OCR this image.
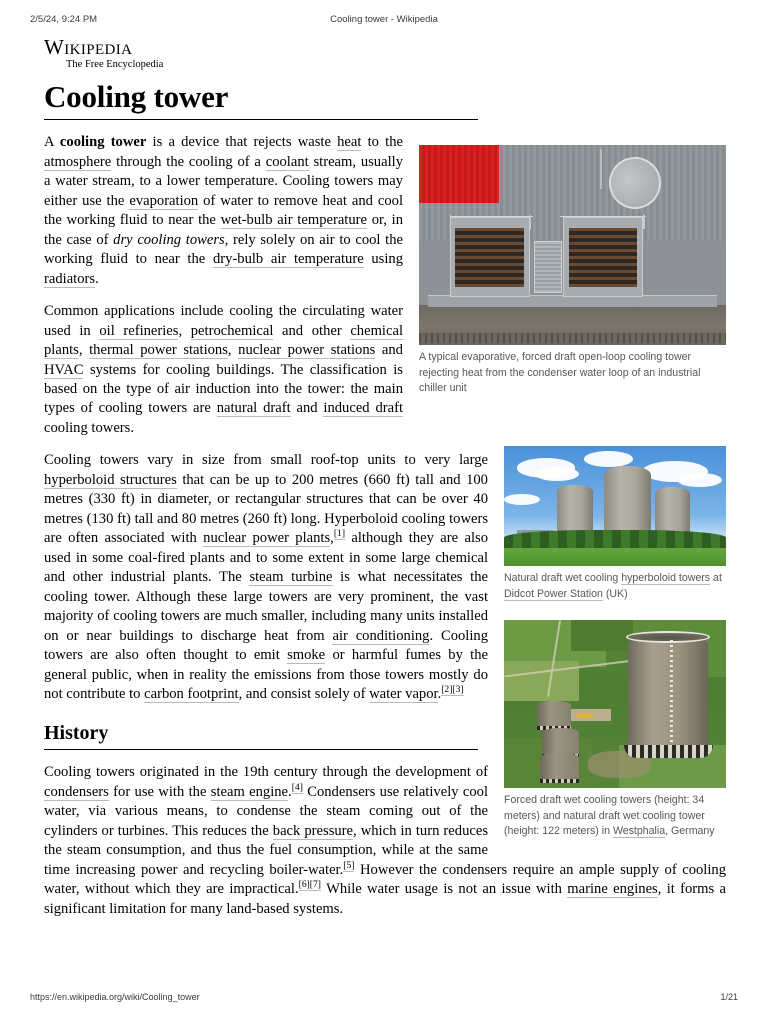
2/5/24, 9:24 PM	Cooling tower - Wikipedia
Wikipedia
The Free Encyclopedia
Cooling tower
A typical evaporative, forced draft open-loop cooling tower rejecting heat from the condenser water loop of an industrial chiller unit

A cooling tower is a device that rejects waste heat to the atmosphere through the cooling of a coolant stream, usually a water stream, to a lower temperature. Cooling towers may either use the evaporation of water to remove heat and cool the working fluid to near the wet-bulb air temperature or, in the case of dry cooling towers, rely solely on air to cool the working fluid to near the dry-bulb air temperature using radiators.

Common applications include cooling the circulating water used in oil refineries, petrochemical and other chemical plants, thermal power stations, nuclear power stations and HVAC systems for cooling buildings. The classification is based on the type of air induction into the tower: the main types of cooling towers are natural draft and induced draft cooling towers.

Natural draft wet cooling hyperboloid towers at Didcot Power Station (UK)
Forced draft wet cooling towers (height: 34 meters) and natural draft wet cooling tower (height: 122 meters) in Westphalia, Germany

Cooling towers vary in size from small roof-top units to very large hyperboloid structures that can be up to 200 metres (660 ft) tall and 100 metres (330 ft) in diameter, or rectangular structures that can be over 40 metres (130 ft) tall and 80 metres (260 ft) long. Hyperboloid cooling towers are often associated with nuclear power plants,[1] although they are also used in some coal-fired plants and to some extent in some large chemical and other industrial plants. The steam turbine is what necessitates the cooling tower. Although these large towers are very prominent, the vast majority of cooling towers are much smaller, including many units installed on or near buildings to discharge heat from air conditioning. Cooling towers are also often thought to emit smoke or harmful fumes by the general public, when in reality the emissions from those towers mostly do not contribute to carbon footprint, and consist solely of water vapor.[2][3]

History

Cooling towers originated in the 19th century through the development of condensers for use with the steam engine.[4] Condensers use relatively cool water, via various means, to condense the steam coming out of the cylinders or turbines. This reduces the back pressure, which in turn reduces the steam consumption, and thus the fuel consumption, while at the same time increasing power and recycling boiler-water.[5] However the condensers require an ample supply of cooling water, without which they are impractical.[6][7] While water usage is not an issue with marine engines, it forms a significant limitation for many land-based systems.

https://en.wikipedia.org/wiki/Cooling_tower	1/21
